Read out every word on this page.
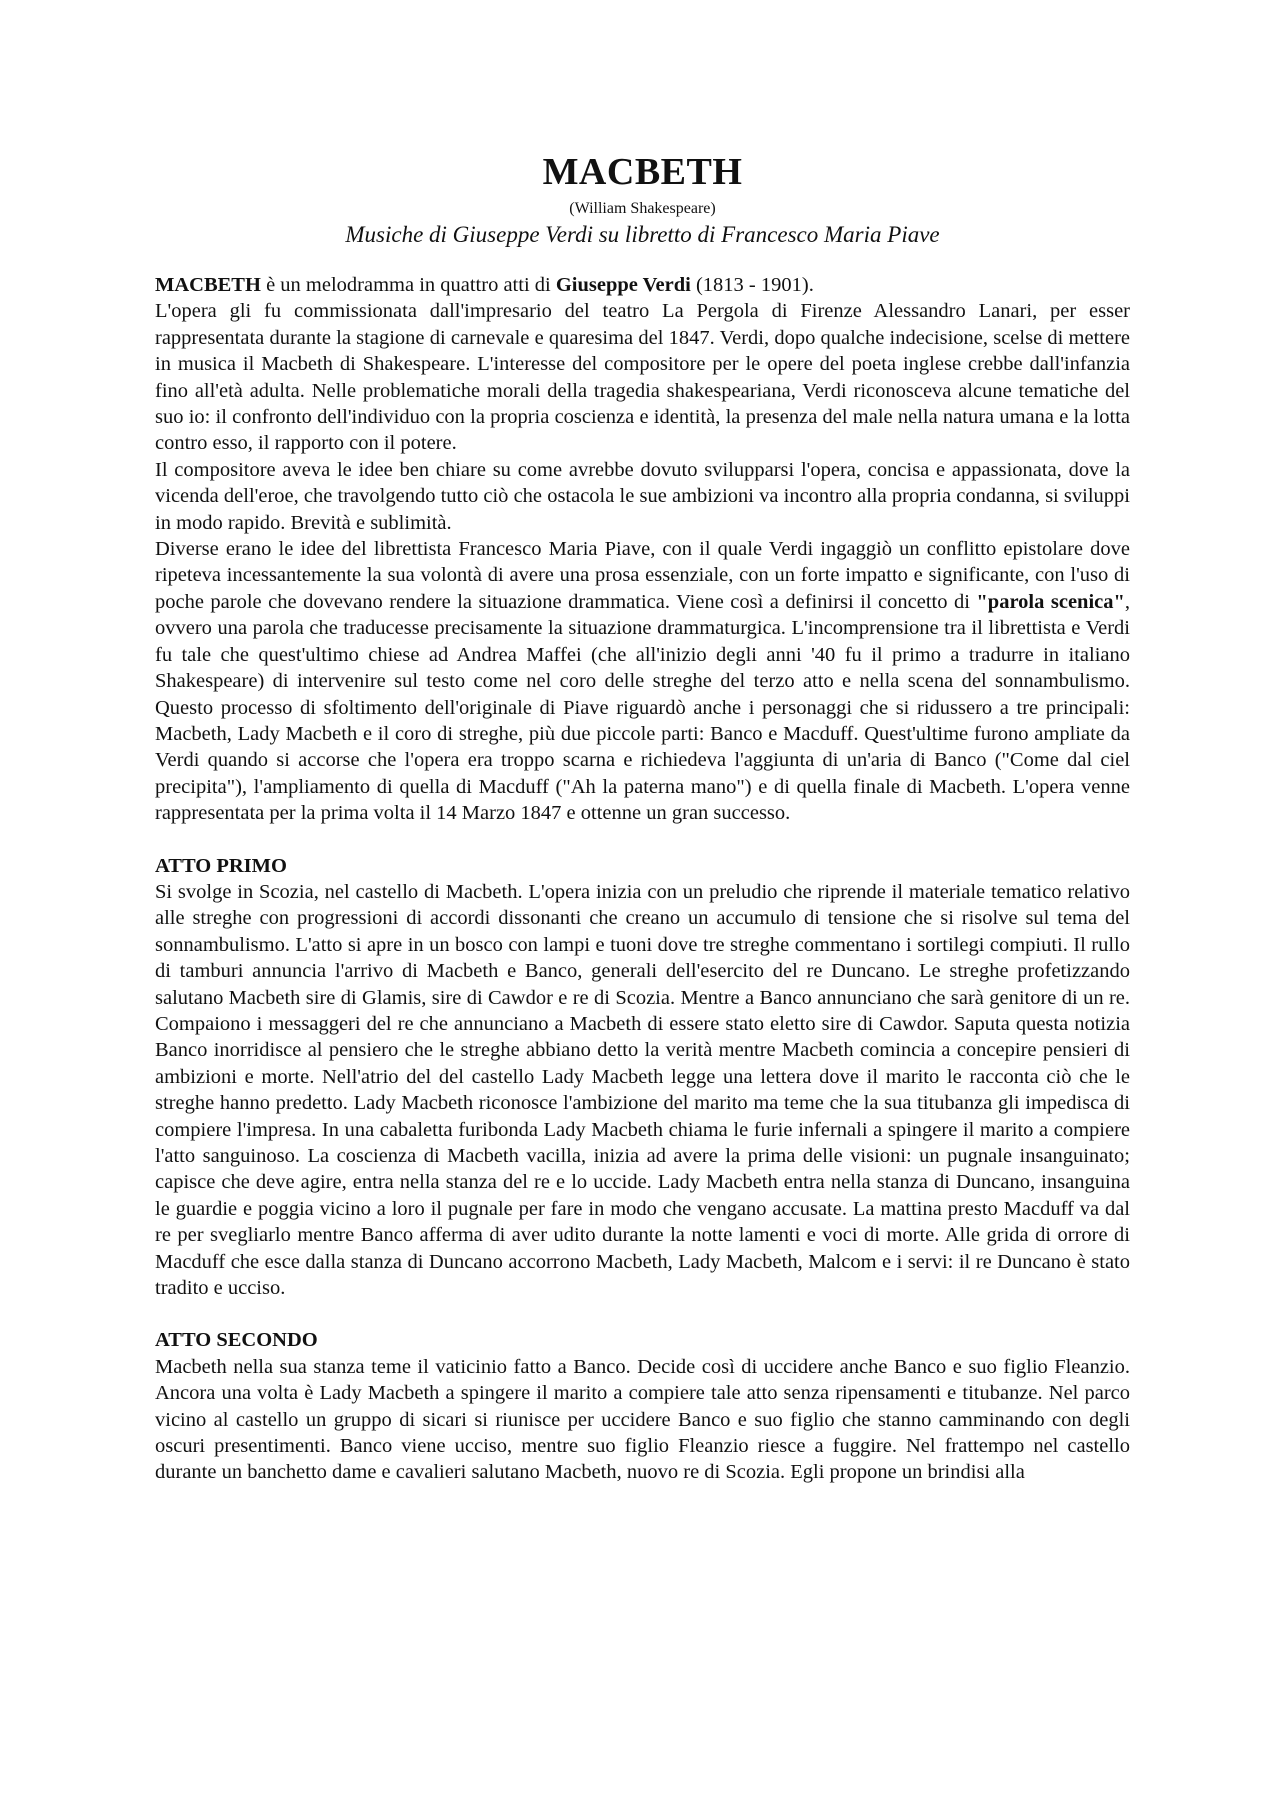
MACBETH
(William Shakespeare)
Musiche di Giuseppe Verdi su libretto di Francesco Maria Piave

MACBETH è un melodramma in quattro atti di Giuseppe Verdi (1813 - 1901).

L'opera gli fu commissionata dall'impresario del teatro La Pergola di Firenze Alessandro Lanari, per esser rappresentata durante la stagione di carnevale e quaresima del 1847. Verdi, dopo qualche indecisione, scelse di mettere in musica il Macbeth di Shakespeare. L'interesse del compositore per le opere del poeta inglese crebbe dall'infanzia fino all'età adulta. Nelle problematiche morali della tragedia shakespeariana, Verdi riconosceva alcune tematiche del suo io: il confronto dell'individuo con la propria coscienza e identità, la presenza del male nella natura umana e la lotta contro esso, il rapporto con il potere.

Il compositore aveva le idee ben chiare su come avrebbe dovuto svilupparsi l'opera, concisa e appassionata, dove la vicenda dell'eroe, che travolgendo tutto ciò che ostacola le sue ambizioni va incontro alla propria condanna, si sviluppi in modo rapido. Brevità e sublimità.

Diverse erano le idee del librettista Francesco Maria Piave, con il quale Verdi ingaggiò un conflitto epistolare dove ripeteva incessantemente la sua volontà di avere una prosa essenziale, con un forte impatto e significante, con l'uso di poche parole che dovevano rendere la situazione drammatica. Viene così a definirsi il concetto di "parola scenica", ovvero una parola che traducesse precisamente la situazione drammaturgica. L'incomprensione tra il librettista e Verdi fu tale che quest'ultimo chiese ad Andrea Maffei (che all'inizio degli anni '40 fu il primo a tradurre in italiano Shakespeare) di intervenire sul testo come nel coro delle streghe del terzo atto e nella scena del sonnambulismo. Questo processo di sfoltimento dell'originale di Piave riguardò anche i personaggi che si ridussero a tre principali: Macbeth, Lady Macbeth e il coro di streghe, più due piccole parti: Banco e Macduff. Quest'ultime furono ampliate da Verdi quando si accorse che l'opera era troppo scarna e richiedeva l'aggiunta di un'aria di Banco ("Come dal ciel precipita"), l'ampliamento di quella di Macduff ("Ah la paterna mano") e di quella finale di Macbeth. L'opera venne rappresentata per la prima volta il 14 Marzo 1847 e ottenne un gran successo.

ATTO PRIMO

Si svolge in Scozia, nel castello di Macbeth. L'opera inizia con un preludio che riprende il materiale tematico relativo alle streghe con progressioni di accordi dissonanti che creano un accumulo di tensione che si risolve sul tema del sonnambulismo. L'atto si apre in un bosco con lampi e tuoni dove tre streghe commentano i sortilegi compiuti. Il rullo di tamburi annuncia l'arrivo di Macbeth e Banco, generali dell'esercito del re Duncano. Le streghe profetizzando salutano Macbeth sire di Glamis, sire di Cawdor e re di Scozia. Mentre a Banco annunciano che sarà genitore di un re. Compaiono i messaggeri del re che annunciano a Macbeth di essere stato eletto sire di Cawdor. Saputa questa notizia Banco inorridisce al pensiero che le streghe abbiano detto la verità mentre Macbeth comincia a concepire pensieri di ambizioni e morte. Nell'atrio del del castello Lady Macbeth legge una lettera dove il marito le racconta ciò che le streghe hanno predetto. Lady Macbeth riconosce l'ambizione del marito ma teme che la sua titubanza gli impedisca di compiere l'impresa. In una cabaletta furibonda Lady Macbeth chiama le furie infernali a spingere il marito a compiere l'atto sanguinoso. La coscienza di Macbeth vacilla, inizia ad avere la prima delle visioni: un pugnale insanguinato; capisce che deve agire, entra nella stanza del re e lo uccide. Lady Macbeth entra nella stanza di Duncano, insanguina le guardie e poggia vicino a loro il pugnale per fare in modo che vengano accusate. La mattina presto Macduff va dal re per svegliarlo mentre Banco afferma di aver udito durante la notte lamenti e voci di morte. Alle grida di orrore di Macduff che esce dalla stanza di Duncano accorrono Macbeth, Lady Macbeth, Malcom e i servi: il re Duncano è stato tradito e ucciso.

ATTO SECONDO

Macbeth nella sua stanza teme il vaticinio fatto a Banco. Decide così di uccidere anche Banco e suo figlio Fleanzio. Ancora una volta è Lady Macbeth a spingere il marito a compiere tale atto senza ripensamenti e titubanze. Nel parco vicino al castello un gruppo di sicari si riunisce per uccidere Banco e suo figlio che stanno camminando con degli oscuri presentimenti. Banco viene ucciso, mentre suo figlio Fleanzio riesce a fuggire. Nel frattempo nel castello durante un banchetto dame e cavalieri salutano Macbeth, nuovo re di Scozia. Egli propone un brindisi alla
